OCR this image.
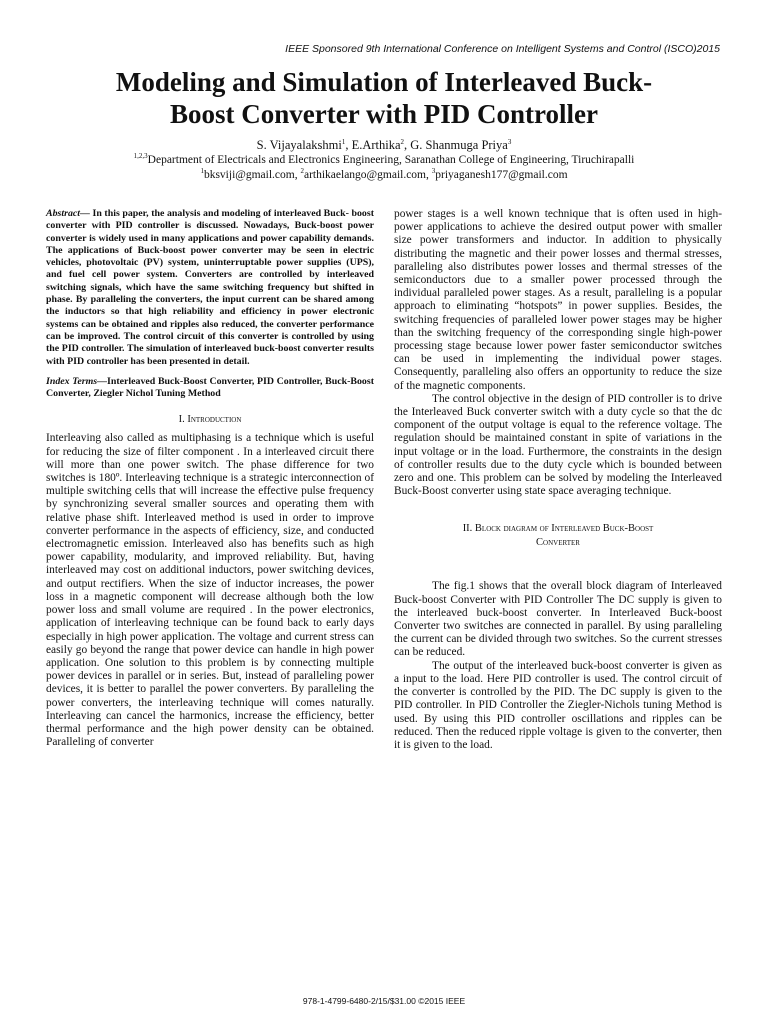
IEEE Sponsored 9th International Conference on Intelligent Systems and Control (ISCO)2015
Modeling and Simulation of Interleaved Buck-
Boost Converter with PID Controller
S. Vijayalakshmi$^1$, E.Arthika$^2$, G. Shanmuga Priya$^3$
$^{1,2,3}$Department of Electricals and Electronics Engineering, Saranathan College of Engineering, Tiruchirapalli
$^1$bksviji@gmail.com, $^2$arthikaelango@gmail.com, $^3$priyaganesh177@gmail.com

Abstract— In this paper, the analysis and modeling of interleaved Buck- boost converter with PID controller is discussed. Nowadays, Buck-boost power converter is widely used in many applications and power capability demands. The applications of Buck-boost power converter may be seen in electric vehicles, photovoltaic (PV) system, uninterruptable power supplies (UPS), and fuel cell power system. Converters are controlled by interleaved switching signals, which have the same switching frequency but shifted in phase. By paralleling the converters, the input current can be shared among the inductors so that high reliability and efficiency in power electronic systems can be obtained and ripples also reduced, the converter performance can be improved. The control circuit of this converter is controlled by using the PID controller. The simulation of interleaved buck-boost converter results with PID controller has been presented in detail.

Index Terms—Interleaved Buck-Boost Converter, PID Controller, Buck-Boost Converter, Ziegler Nichol Tuning Method

I. Introduction

Interleaving also called as multiphasing is a technique which is useful for reducing the size of filter component . In a interleaved circuit there will more than one power switch. The phase difference for two switches is 180º. Interleaving technique is a strategic interconnection of multiple switching cells that will increase the effective pulse frequency by synchronizing several smaller sources and operating them with relative phase shift. Interleaved method is used in order to improve converter performance in the aspects of efficiency, size, and conducted electromagnetic emission. Interleaved also has benefits such as high power capability, modularity, and improved reliability. But, having interleaved may cost on additional inductors, power switching devices, and output rectifiers. When the size of inductor increases, the power loss in a magnetic component will decrease although both the low power loss and small volume are required . In the power electronics, application of interleaving technique can be found back to early days especially in high power application. The voltage and current stress can easily go beyond the range that power device can handle in high power application. One solution to this problem is by connecting multiple power devices in parallel or in series. But, instead of paralleling power devices, it is better to parallel the power converters. By paralleling the power converters, the interleaving technique will comes naturally. Interleaving can cancel the harmonics, increase the efficiency, better thermal performance and the high power density can be obtained. Paralleling of converter

power stages is a well known technique that is often used in high-power applications to achieve the desired output power with smaller size power transformers and inductor. In addition to physically distributing the magnetic and their power losses and thermal stresses, paralleling also distributes power losses and thermal stresses of the semiconductors due to a smaller power processed through the individual paralleled power stages. As a result, paralleling is a popular approach to eliminating “hotspots” in power supplies. Besides, the switching frequencies of paralleled lower power stages may be higher than the switching frequency of the corresponding single high-power processing stage because lower power faster semiconductor switches can be used in implementing the individual power stages. Consequently, paralleling also offers an opportunity to reduce the size of the magnetic components.

The control objective in the design of PID controller is to drive the Interleaved Buck converter switch with a duty cycle so that the dc component of the output voltage is equal to the reference voltage. The regulation should be maintained constant in spite of variations in the input voltage or in the load. Furthermore, the constraints in the design of controller results due to the duty cycle which is bounded between zero and one. This problem can be solved by modeling the Interleaved Buck-Boost converter using state space averaging technique.

II. Block diagram of Interleaved Buck-Boost
Converter

The fig.1 shows that the overall block diagram of Interleaved Buck-boost Converter with PID Controller The DC supply is given to the interleaved buck-boost converter. In Interleaved Buck-boost Converter two switches are connected in parallel. By using paralleling the current can be divided through two switches. So the current stresses can be reduced.

The output of the interleaved buck-boost converter is given as a input to the load. Here PID controller is used. The control circuit of the converter is controlled by the PID. The DC supply is given to the PID controller. In PID Controller the Ziegler-Nichols tuning Method is used. By using this PID controller oscillations and ripples can be reduced. Then the reduced ripple voltage is given to the converter, then it is given to the load.

978-1-4799-6480-2/15/$31.00 ©2015 IEEE
